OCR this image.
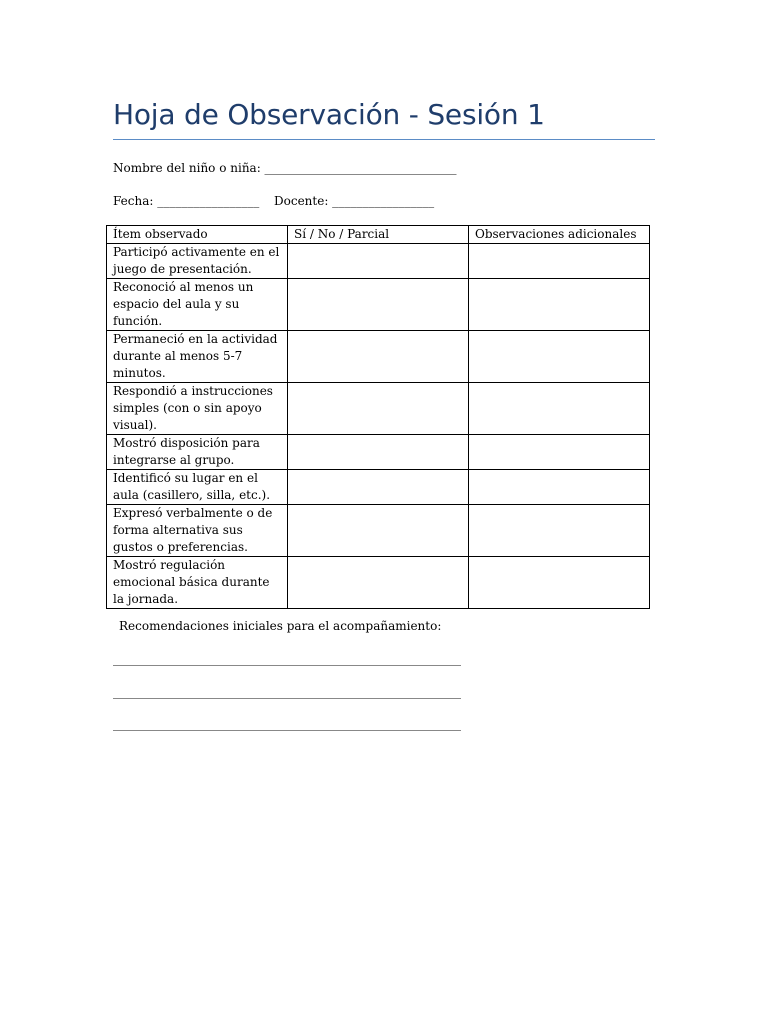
Hoja de Observación - Sesión 1
Nombre del niño o niña: ________________________________
Fecha: _________________ Docente: _________________
Ítem observado	Sí / No / Parcial	Observaciones adicionales
Participó activamente en el juego de presentación.		
Reconoció al menos un espacio del aula y su función.		
Permaneció en la actividad durante al menos 5-7 minutos.		
Respondió a instrucciones simples (con o sin apoyo visual).		
Mostró disposición para integrarse al grupo.		
Identificó su lugar en el aula (casillero, silla, etc.).		
Expresó verbalmente o de forma alternativa sus gustos o preferencias.		
Mostró regulación emocional básica durante la jornada.		
Recomendaciones iniciales para el acompañamiento:
__________________________________________________________
__________________________________________________________
__________________________________________________________
